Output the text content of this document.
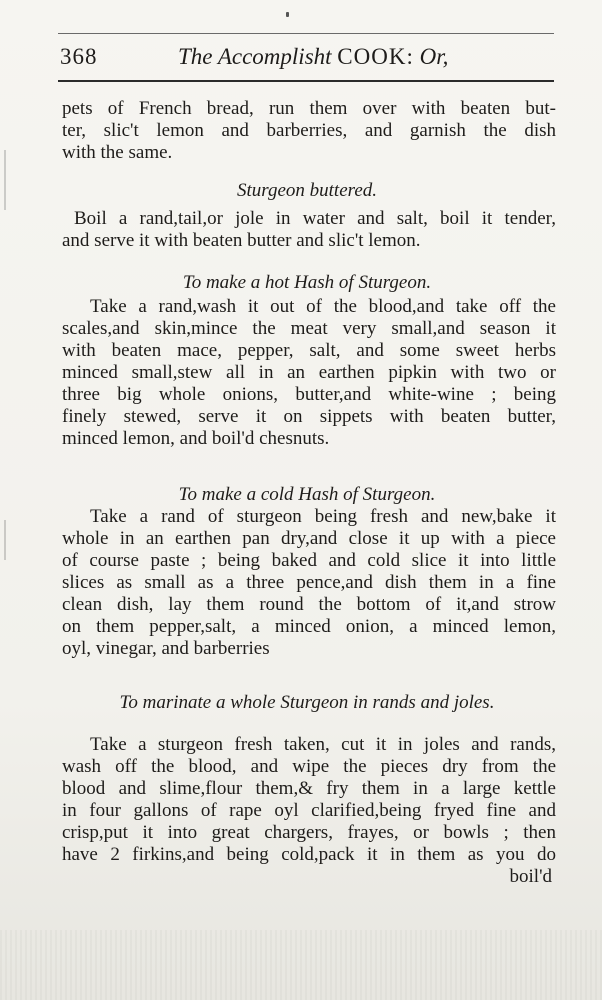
368	The Accomplisht COOK: Or,
pets of French bread, run them over with beaten but-
ter, slic't lemon and barberries, and garnish the dish
with the same.
Sturgeon buttered.
Boil a rand,tail,or jole in water and salt, boil it tender,
and serve it with beaten butter and slic't lemon.
To make a hot Hash of Sturgeon.
Take a rand,wash it out of the blood,and take off the
scales,and skin,mince the meat very small,and season it
with beaten mace, pepper, salt, and some sweet herbs
minced small,stew all in an earthen pipkin with two or
three big whole onions, butter,and white-wine ; being
finely stewed, serve it on sippets with beaten butter,
minced lemon, and boil'd chesnuts.
To make a cold Hash of Sturgeon.
Take a rand of sturgeon being fresh and new,bake it
whole in an earthen pan dry,and close it up with a piece
of course paste ; being baked and cold slice it into little
slices as small as a three pence,and dish them in a fine
clean dish, lay them round the bottom of it,and strow
on them pepper,salt, a minced onion, a minced lemon,
oyl, vinegar, and barberries
To marinate a whole Sturgeon in rands and joles.
Take a sturgeon fresh taken, cut it in joles and rands,
wash off the blood, and wipe the pieces dry from the
blood and slime,flour them,& fry them in a large kettle
in four gallons of rape oyl clarified,being fryed fine and
crisp,put it into great chargers, frayes, or bowls ; then
have 2 firkins,and being cold,pack it in them as you do
boil'd
